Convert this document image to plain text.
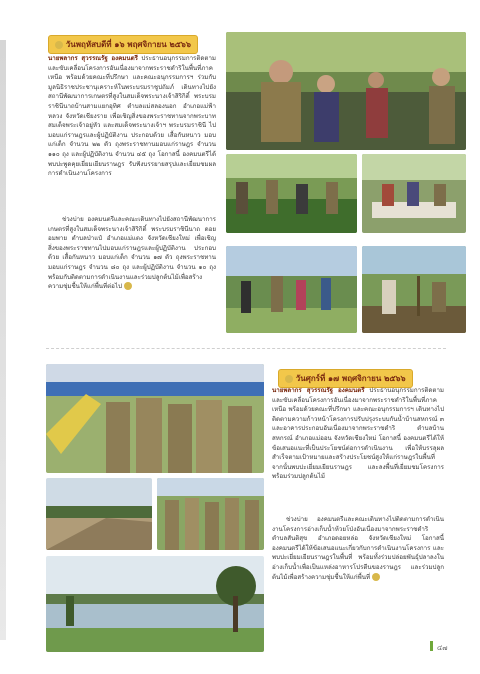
วันพฤหัสบดีที่ ๑๖ พฤศจิกายน ๒๕๖๖

นายพลากร สุวรรณรัฐ องคมนตรี ประธานอนุกรรมการติดตามและขับเคลื่อนโครงการอันเนื่องมาจากพระราชดำริในพื้นที่ภาคเหนือ พร้อมด้วยคณะที่ปรึกษา และคณะอนุกรรมการฯ ร่วมกับมูลนิธิราชประชานุเคราะห์ในพระบรมราชูปถัมภ์ เดินทางไปยังสถานีพัฒนาการเกษตรที่สูงในสมเด็จพระนางเจ้าสิริกิติ์ พระบรมราชินีนาถบ้านสามแยกอุทิศ ตำบลแม่สลองนอก อำเภอแม่ฟ้าหลวง จังหวัดเชียงราย เพื่อเชิญสิ่งของพระราชทานจากพระบาทสมเด็จพระเจ้าอยู่หัว และสมเด็จพระนางเจ้าฯ พระบรมราชินี ไปมอบแก่ราษฎรและผู้ปฏิบัติงาน ประกอบด้วย เสื้อกันหนาว มอบแก่เด็ก จำนวน ๒๒ ตัว ถุงพระราชทานมอบแก่ราษฎร จำนวน ๑๑๐ ถุง และผู้ปฏิบัติงาน จำนวน ๔๕ ถุง โอกาสนี้ องคมนตรีได้พบปะพูดคุยเยี่ยมเยียนราษฎร รับฟังบรรยายสรุปและเยี่ยมชมผลการดำเนินงานโครงการ

ช่วงบ่าย องคมนตรีและคณะเดินทางไปยังสถานีพัฒนาการเกษตรที่สูงในสมเด็จพระนางเจ้าสิริกิติ์ พระบรมราชินีนาถ ดอยอมพาย ตำบลป่าแป๋ อำเภอแม่แตง จังหวัดเชียงใหม่ เพื่อเชิญสิ่งของพระราชทานไปมอบแก่ราษฎรและผู้ปฏิบัติงาน ประกอบด้วย เสื้อกันหนาว มอบแก่เด็ก จำนวน ๑๗ ตัว ถุงพระราชทานมอบแก่ราษฎร จำนวน ๘๐ ถุง และผู้ปฏิบัติงาน จำนวน ๑๐ ถุง พร้อมกับติดตามการดำเนินงานและร่วมปลูกต้นไม้เพื่อสร้างความชุ่มชื้นให้แก่พื้นที่ต่อไป

วันศุกร์ที่ ๑๗ พฤศจิกายน ๒๕๖๖

นายพลากร สุวรรณรัฐ องคมนตรี ประธานอนุกรรมการติดตามและขับเคลื่อนโครงการอันเนื่องมาจากพระราชดำริในพื้นที่ภาคเหนือ พร้อมด้วยคณะที่ปรึกษา และคณะอนุกรรมการฯ เดินทางไปติดตามความก้าวหน้าโครงการปรับปรุงระบบกันน้ำบ้านสหกรณ์ ๓ และอาคารประกอบอันเนื่องมาจากพระราชดำริ ตำบลบ้านสหกรณ์ อำเภอแม่ออน จังหวัดเชียงใหม่ โอกาสนี้ องคมนตรีได้ให้ข้อเสนอแนะที่เป็นประโยชน์ต่อการดำเนินงาน เพื่อให้บรรลุผลสำเร็จตามเป้าหมายและสร้างประโยชน์สูงให้แก่ราษฎรในพื้นที่ จากนั้นพบปะเยี่ยมเยียนราษฎร และลงพื้นที่เยี่ยมชมโครงการ พร้อมร่วมปลูกต้นไม้

ช่วงบ่าย องคมนตรีและคณะเดินทางไปติดตามการดำเนินงานโครงการอ่างเก็บน้ำห้วยโป่งอันเนื่องมาจากพระราชดำริ ตำบลสันติสุข อำเภอดอยหล่อ จังหวัดเชียงใหม่ โอกาสนี้ องคมนตรีได้ให้ข้อเสนอแนะเกี่ยวกับการดำเนินงานโครงการ และพบปะเยี่ยมเยียนราษฎรในพื้นที่ พร้อมทั้งร่วมปล่อยพันธุ์ปลาลงในอ่างเก็บน้ำเพื่อเป็นแหล่งอาหารโปรตีนของราษฎร และร่วมปลูกต้นไม้เพื่อสร้างความชุ่มชื้นให้แก่พื้นที่

๔๗
